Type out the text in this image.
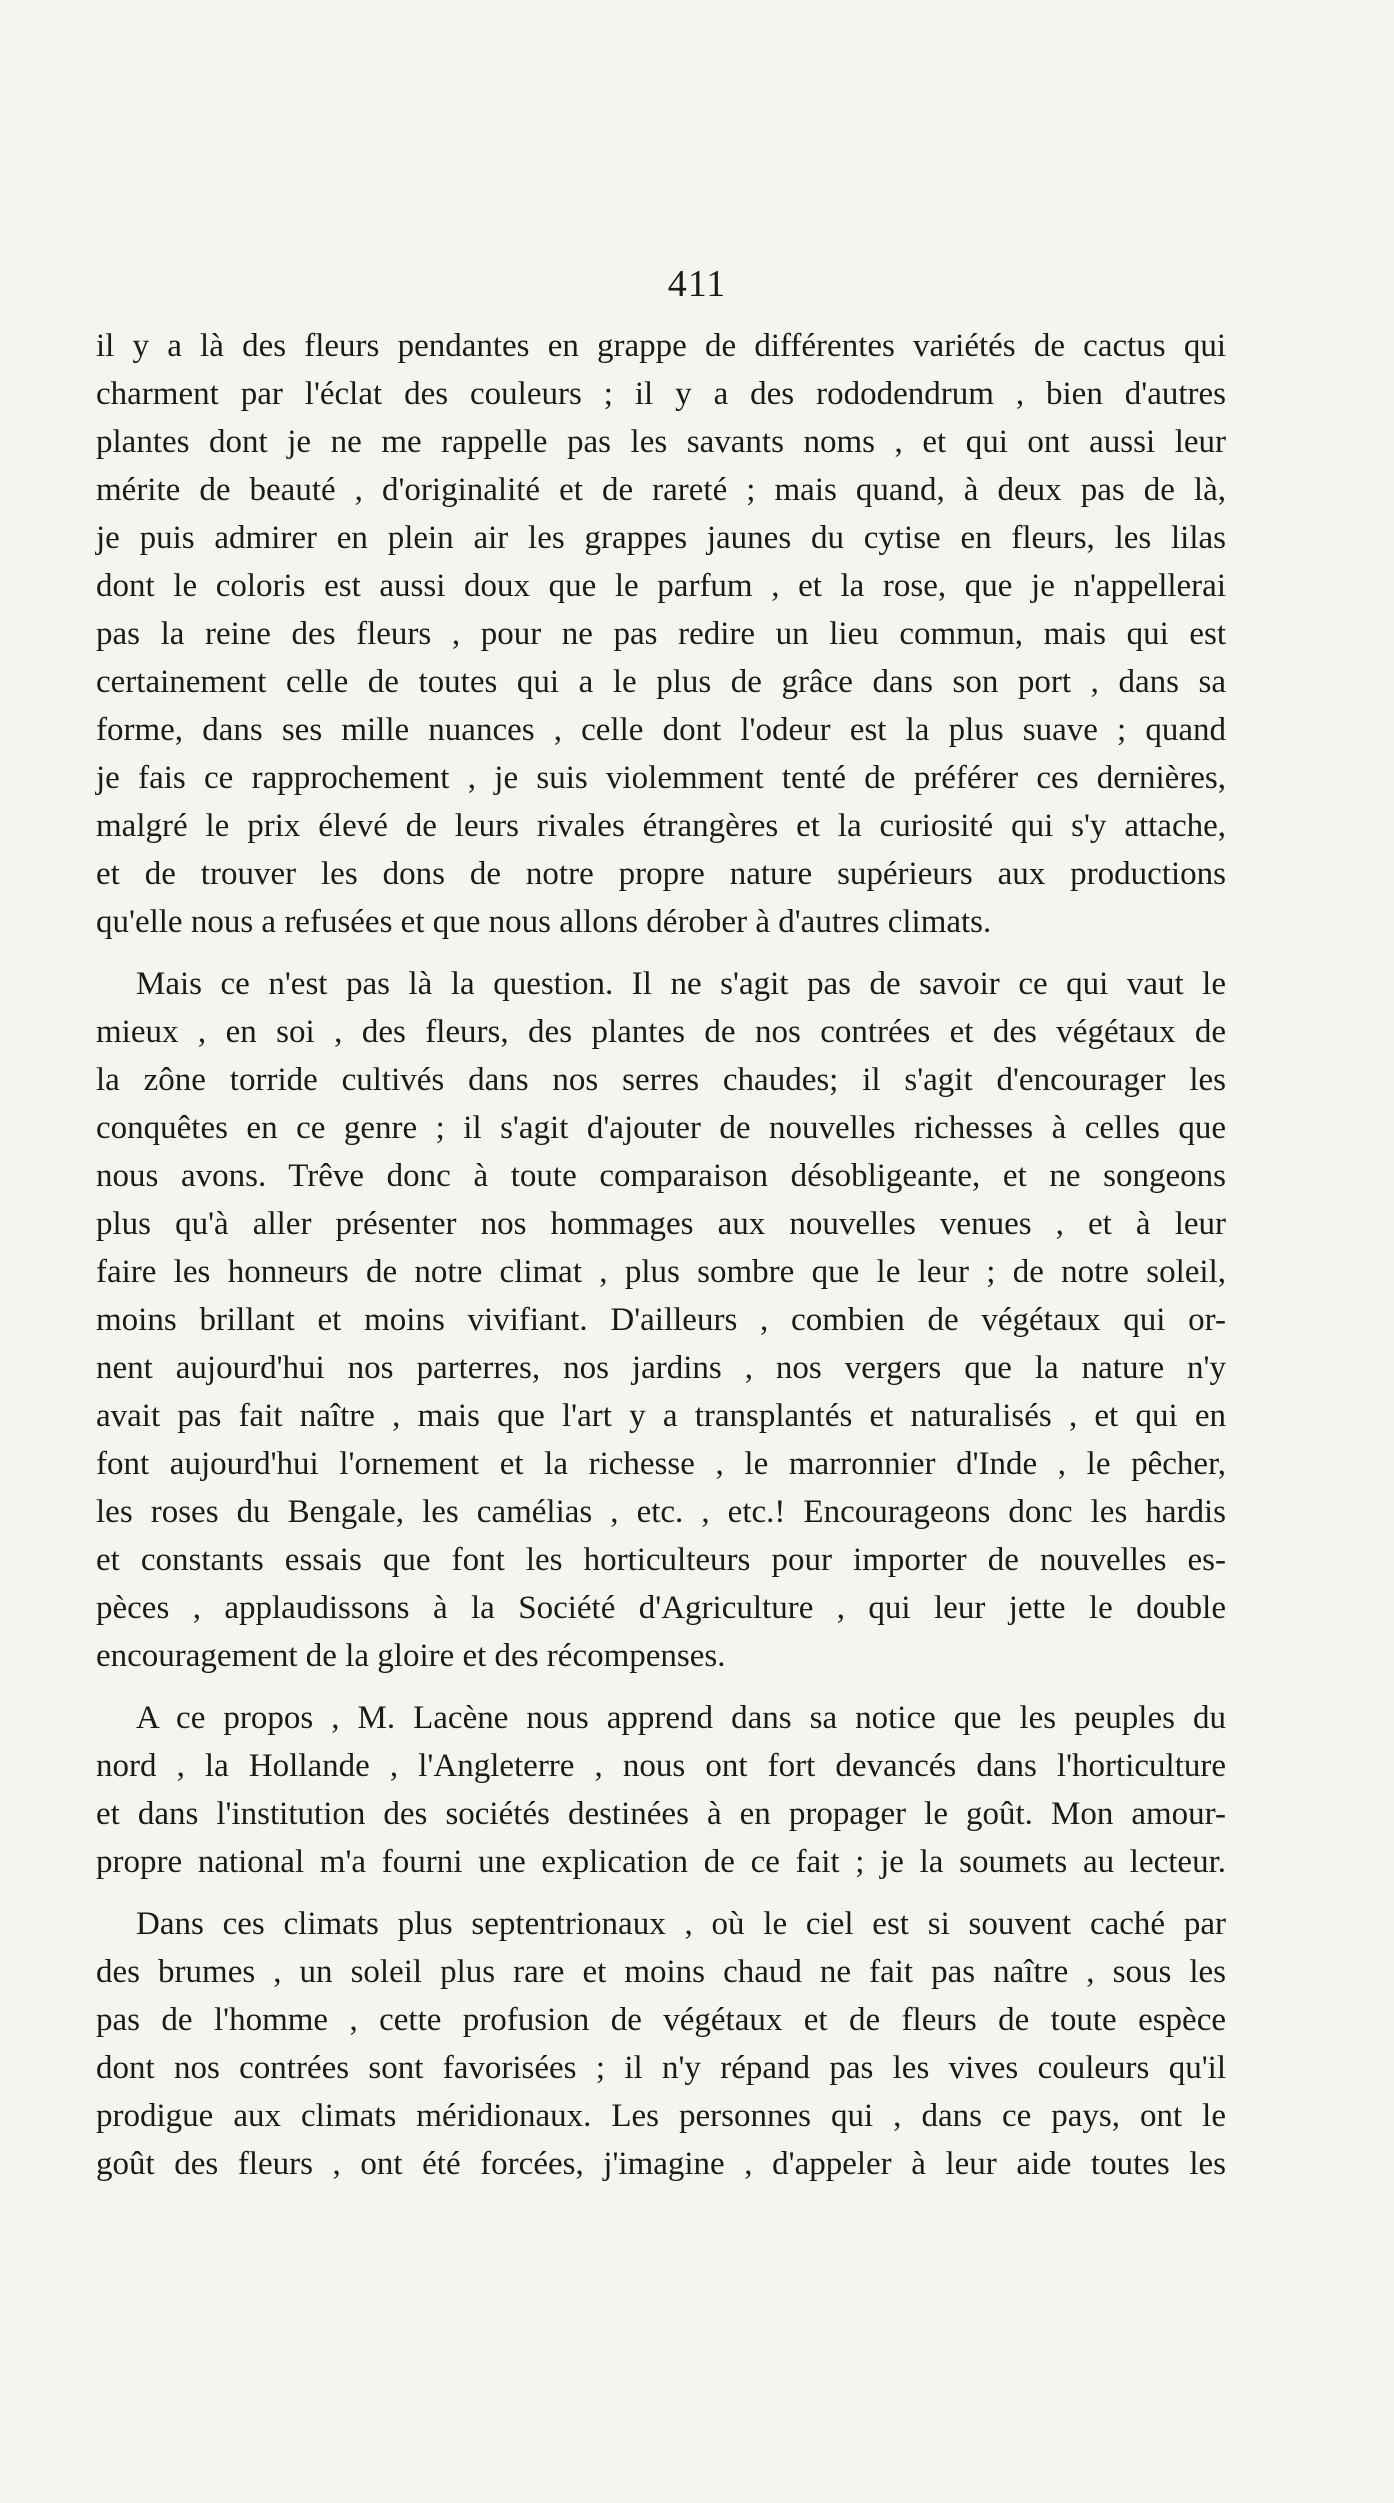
411
il y a là des fleurs pendantes en grappe de différentes variétés de cactus qui
charment par l'éclat des couleurs ; il y a des rododendrum , bien d'autres
plantes dont je ne me rappelle pas les savants noms , et qui ont aussi leur
mérite de beauté , d'originalité et de rareté ; mais quand, à deux pas de là,
je puis admirer en plein air les grappes jaunes du cytise en fleurs, les lilas
dont le coloris est aussi doux que le parfum , et la rose, que je n'appellerai
pas la reine des fleurs , pour ne pas redire un lieu commun, mais qui est
certainement celle de toutes qui a le plus de grâce dans son port , dans sa
forme, dans ses mille nuances , celle dont l'odeur est la plus suave ; quand
je fais ce rapprochement , je suis violemment tenté de préférer ces dernières,
malgré le prix élevé de leurs rivales étrangères et la curiosité qui s'y attache,
et de trouver les dons de notre propre nature supérieurs aux productions
qu'elle nous a refusées et que nous allons dérober à d'autres climats.
Mais ce n'est pas là la question. Il ne s'agit pas de savoir ce qui vaut le
mieux , en soi , des fleurs, des plantes de nos contrées et des végétaux de
la zône torride cultivés dans nos serres chaudes; il s'agit d'encourager les
conquêtes en ce genre ; il s'agit d'ajouter de nouvelles richesses à celles que
nous avons. Trêve donc à toute comparaison désobligeante, et ne songeons
plus qu'à aller présenter nos hommages aux nouvelles venues , et à leur
faire les honneurs de notre climat , plus sombre que le leur ; de notre soleil,
moins brillant et moins vivifiant. D'ailleurs , combien de végétaux qui or-
nent aujourd'hui nos parterres, nos jardins , nos vergers que la nature n'y
avait pas fait naître , mais que l'art y a transplantés et naturalisés , et qui en
font aujourd'hui l'ornement et la richesse , le marronnier d'Inde , le pêcher,
les roses du Bengale, les camélias , etc. , etc.! Encourageons donc les hardis
et constants essais que font les horticulteurs pour importer de nouvelles es-
pèces , applaudissons à la Société d'Agriculture , qui leur jette le double
encouragement de la gloire et des récompenses.
A ce propos , M. Lacène nous apprend dans sa notice que les peuples du
nord , la Hollande , l'Angleterre , nous ont fort devancés dans l'horticulture
et dans l'institution des sociétés destinées à en propager le goût. Mon amour-
propre national m'a fourni une explication de ce fait ; je la soumets au lecteur.
Dans ces climats plus septentrionaux , où le ciel est si souvent caché par
des brumes , un soleil plus rare et moins chaud ne fait pas naître , sous les
pas de l'homme , cette profusion de végétaux et de fleurs de toute espèce
dont nos contrées sont favorisées ; il n'y répand pas les vives couleurs qu'il
prodigue aux climats méridionaux. Les personnes qui , dans ce pays, ont le
goût des fleurs , ont été forcées, j'imagine , d'appeler à leur aide toutes les
